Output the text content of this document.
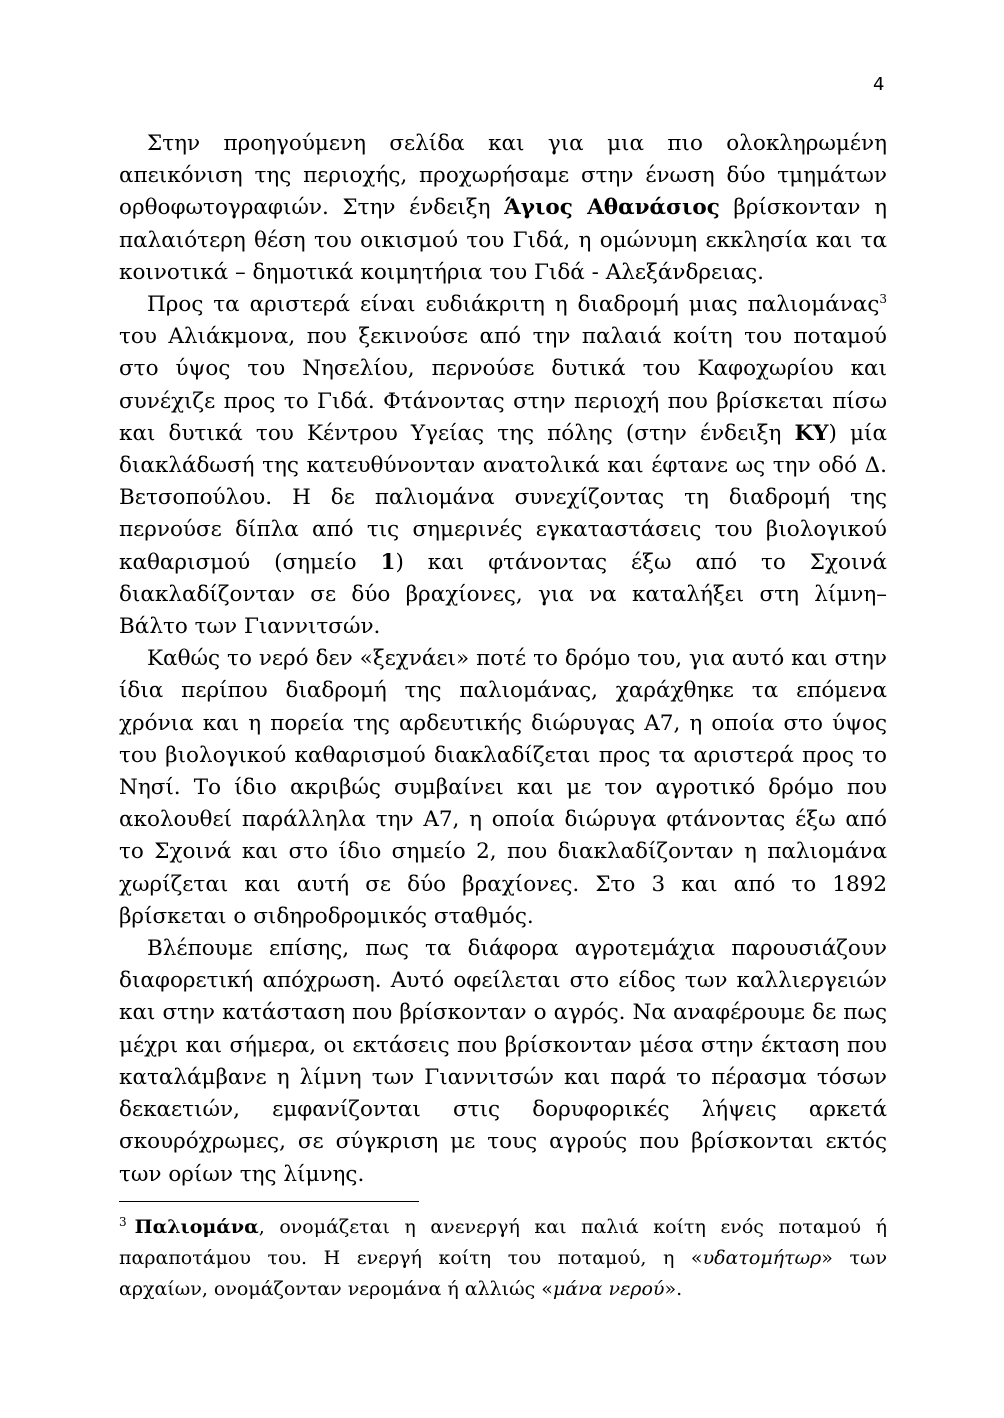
4

Στην προηγούμενη σελίδα και για μια πιο ολοκληρωμένη απεικόνιση της περιοχής, προχωρήσαμε στην ένωση δύο τμημάτων ορθοφωτογραφιών. Στην ένδειξη Άγιος Αθανάσιος βρίσκονταν η παλαιότερη θέση του οικισμού του Γιδά, η ομώνυμη εκκλησία και τα κοινοτικά – δημοτικά κοιμητήρια του Γιδά - Αλεξάνδρειας.

Προς τα αριστερά είναι ευδιάκριτη η διαδρομή μιας παλιομάνας$^3$ του Αλιάκμονα, που ξεκινούσε από την παλαιά κοίτη του ποταμού στο ύψος του Νησελίου, περνούσε δυτικά του Καφοχωρίου και συνέχιζε προς το Γιδά. Φτάνοντας στην περιοχή που βρίσκεται πίσω και δυτικά του Κέντρου Υγείας της πόλης (στην ένδειξη ΚΥ) μία διακλάδωσή της κατευθύνονταν ανατολικά και έφτανε ως την οδό Δ. Βετσοπούλου. Η δε παλιομάνα συνεχίζοντας τη διαδρομή της περνούσε δίπλα από τις σημερινές εγκαταστάσεις του βιολογικού καθαρισμού (σημείο 1) και φτάνοντας έξω από το Σχοινά διακλαδίζονταν σε δύο βραχίονες, για να καταλήξει στη λίμνη– Βάλτο των Γιαννιτσών.

Καθώς το νερό δεν «ξεχνάει» ποτέ το δρόμο του, για αυτό και στην ίδια περίπου διαδρομή της παλιομάνας, χαράχθηκε τα επόμενα χρόνια και η πορεία της αρδευτικής διώρυγας Α7, η οποία στο ύψος του βιολογικού καθαρισμού διακλαδίζεται προς τα αριστερά προς το Νησί. Το ίδιο ακριβώς συμβαίνει και με τον αγροτικό δρόμο που ακολουθεί παράλληλα την Α7, η οποία διώρυγα φτάνοντας έξω από το Σχοινά και στο ίδιο σημείο 2, που διακλαδίζονταν η παλιομάνα χωρίζεται και αυτή σε δύο βραχίονες. Στο 3 και από το 1892 βρίσκεται ο σιδηροδρομικός σταθμός.

Βλέπουμε επίσης, πως τα διάφορα αγροτεμάχια παρουσιάζουν διαφορετική απόχρωση. Αυτό οφείλεται στο είδος των καλλιεργειών και στην κατάσταση που βρίσκονταν ο αγρός. Να αναφέρουμε δε πως μέχρι και σήμερα, οι εκτάσεις που βρίσκονταν μέσα στην έκταση που καταλάμβανε η λίμνη των Γιαννιτσών και παρά το πέρασμα τόσων δεκαετιών, εμφανίζονται στις δορυφορικές λήψεις αρκετά σκουρόχρωμες, σε σύγκριση με τους αγρούς που βρίσκονται εκτός των ορίων της λίμνης.

$^3$ Παλιομάνα, ονομάζεται η ανενεργή και παλιά κοίτη ενός ποταμού ή παραποτάμου του. Η ενεργή κοίτη του ποταμού, η «υδατομήτωρ» των αρχαίων, ονομάζονταν νερομάνα ή αλλιώς «μάνα νερού».
